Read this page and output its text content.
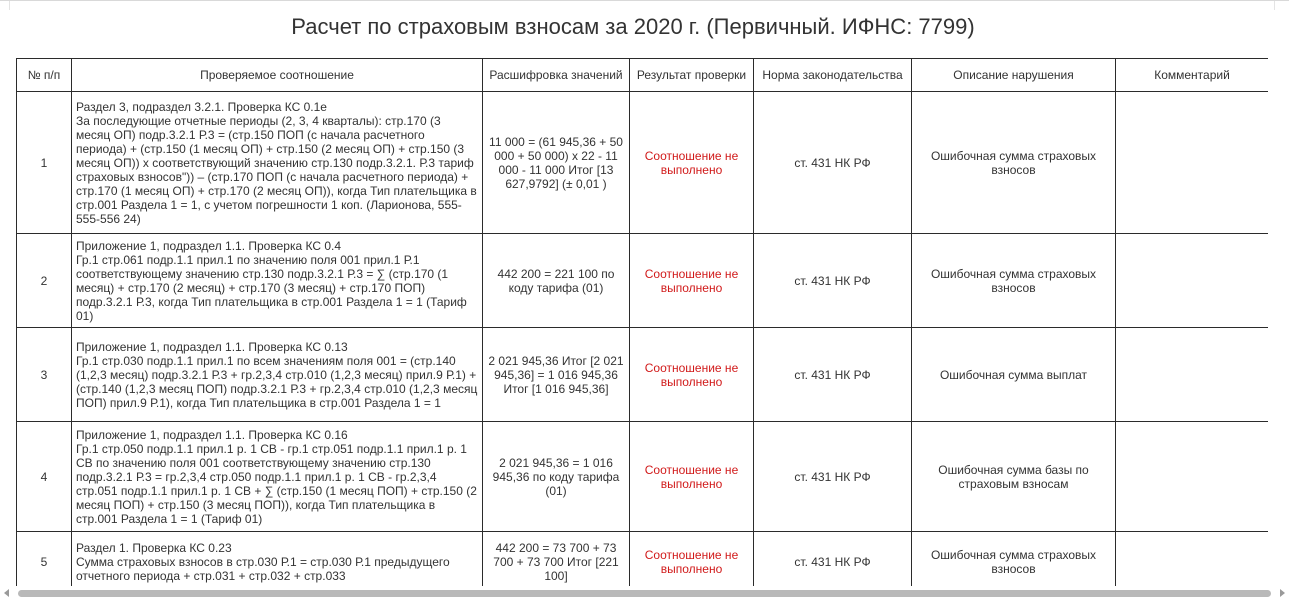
Расчет по страховым взносам за 2020 г. (Первичный. ИФНС: 7799)
№ п/п	Проверяемое соотношение	Расшифровка значений	Результат проверки	Норма законодательства	Описание нарушения	Комментарий
1	Раздел 3, подраздел 3.2.1. Проверка КС 0.1е
За последующие отчетные периоды (2, 3, 4 кварталы): стр.170 (3 месяц ОП) подр.3.2.1 Р.3 = (стр.150 ПОП (с начала расчетного периода) + (стр.150 (1 месяц ОП) + стр.150 (2 месяц ОП) + стр.150 (3 месяц ОП)) х соответствующий значению стр.130 подр.3.2.1. Р.3 тариф страховых взносов")) – (стр.170 ПОП (с начала расчетного периода) + стр.170 (1 месяц ОП) + стр.170 (2 месяц ОП)), когда Тип плательщика в стр.001 Раздела 1 = 1, с учетом погрешности 1 коп. (Ларионова, 555-555-556 24)	11 000 = (61 945,36 + 50 000 + 50 000) х 22 - 11 000 - 11 000 Итог [13 627,9792] (± 0,01 )	Соотношение не выполнено	ст. 431 НК РФ	Ошибочная сумма страховых взносов	
2	Приложение 1, подраздел 1.1. Проверка КС 0.4
Гр.1 стр.061 подр.1.1 прил.1 по значению поля 001 прил.1 Р.1 соответствующему значению стр.130 подр.3.2.1 Р.3 = ∑ (стр.170 (1 месяц) + стр.170 (2 месяц) + стр.170 (3 месяц) + стр.170 ПОП) подр.3.2.1 Р.3, когда Тип плательщика в стр.001 Раздела 1 = 1 (Тариф 01)	442 200 = 221 100 по коду тарифа (01)	Соотношение не выполнено	ст. 431 НК РФ	Ошибочная сумма страховых взносов	
3	Приложение 1, подраздел 1.1. Проверка КС 0.13
Гр.1 стр.030 подр.1.1 прил.1 по всем значениям поля 001 = (стр.140 (1,2,3 месяц) подр.3.2.1 Р.3 + гр.2,3,4 стр.010 (1,2,3 месяц) прил.9 Р.1) + (стр.140 (1,2,3 месяц ПОП) подр.3.2.1 Р.3 + гр.2,3,4 стр.010 (1,2,3 месяц ПОП) прил.9 Р.1), когда Тип плательщика в стр.001 Раздела 1 = 1	2 021 945,36 Итог [2 021 945,36] = 1 016 945,36 Итог [1 016 945,36]	Соотношение не выполнено	ст. 431 НК РФ	Ошибочная сумма выплат	
4	Приложение 1, подраздел 1.1. Проверка КС 0.16
Гр.1 стр.050 подр.1.1 прил.1 р. 1 СВ - гр.1 стр.051 подр.1.1 прил.1 р. 1 СВ по значению поля 001 соответствующему значению стр.130 подр.3.2.1 Р.3 = гр.2,3,4 стр.050 подр.1.1 прил.1 р. 1 СВ - гр.2,3,4 стр.051 подр.1.1 прил.1 р. 1 СВ + ∑ (стр.150 (1 месяц ПОП) + стр.150 (2 месяц ПОП) + стр.150 (3 месяц ПОП)), когда Тип плательщика в стр.001 Раздела 1 = 1 (Тариф 01)	2 021 945,36 = 1 016 945,36 по коду тарифа (01)	Соотношение не выполнено	ст. 431 НК РФ	Ошибочная сумма базы по страховым взносам	
5	Раздел 1. Проверка КС 0.23
Сумма страховых взносов в стр.030 Р.1 = стр.030 Р.1 предыдущего отчетного периода + стр.031 + стр.032 + стр.033	442 200 = 73 700 + 73 700 + 73 700 Итог [221 100]	Соотношение не выполнено	ст. 431 НК РФ	Ошибочная сумма страховых взносов	
